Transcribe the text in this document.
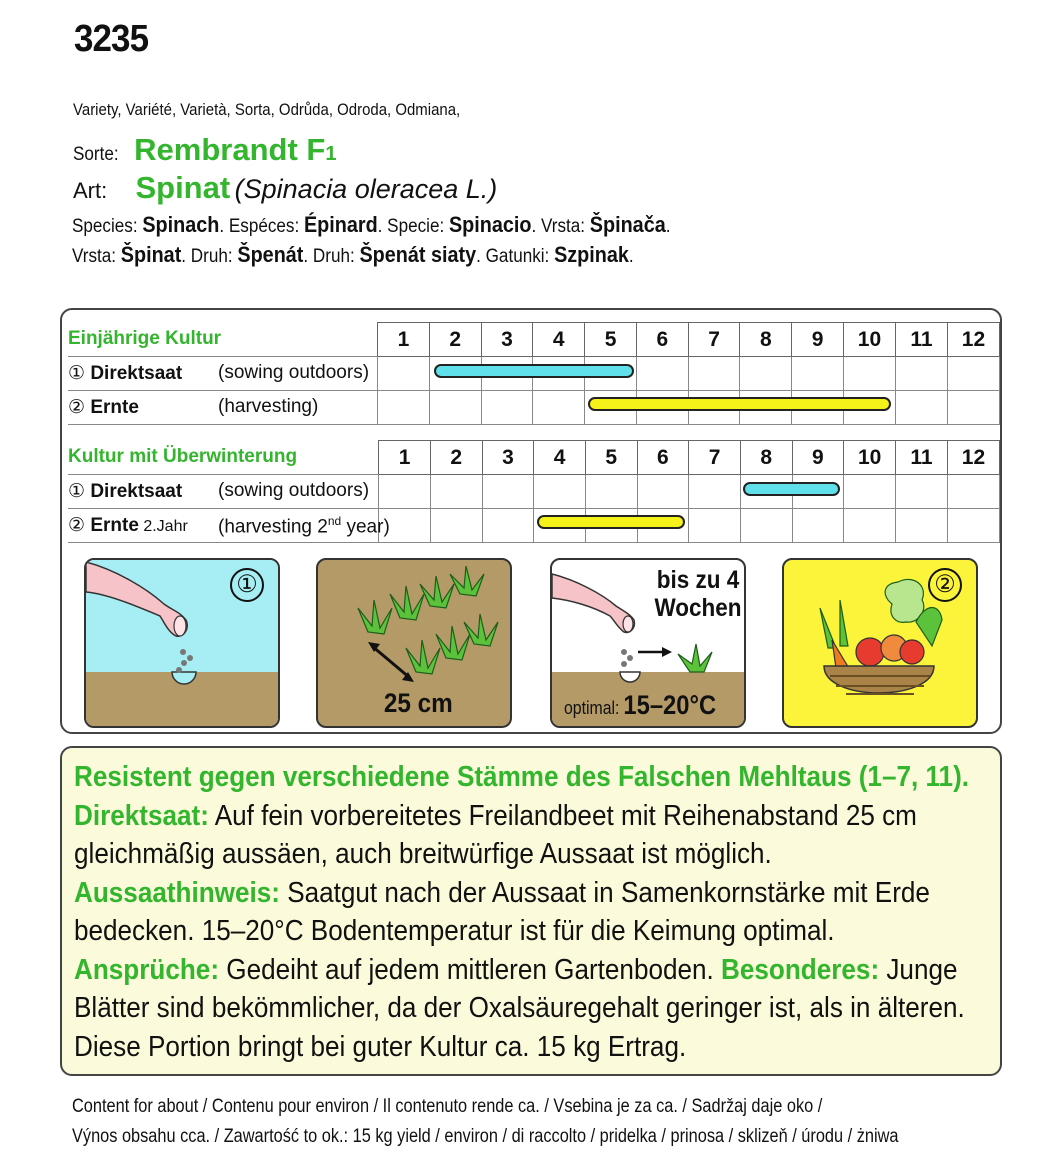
3235
Variety, Variété, Varietà, Sorta, Odrůda, Odroda, Odmiana,
Sorte: Rembrandt F1
Art: Spinat (Spinacia oleracea L.)
Species: Spinach. Espéces: Épinard. Specie: Spinacio. Vrsta: Špinača.
Vrsta: Špinat. Druh: Špenát. Druh: Špenát siaty. Gatunki: Szpinak.
Einjährige Kultur	1	2	3	4	5	6	7	8	9	10	11	12
① Direktsaat (sowing outdoors)												

② Ernte (harvesting)												

Kultur mit Überwinterung	1	2	3	4	5	6	7	8	9	10	11	12
① Direktsaat (sowing outdoors)												

② Ernte 2.Jahr (harvesting 2nd year)												

①
25 cm
bis zu 4
Wochen
optimal: 15–20°C
②
Resistent gegen verschiedene Stämme des Falschen Mehltaus (1–7, 11).
Direktsaat: Auf fein vorbereitetes Freilandbeet mit Reihenabstand 25 cm gleichmäßig aussäen, auch breitwürfige Aussaat ist möglich.
Aussaathinweis: Saatgut nach der Aussaat in Samenkornstärke mit Erde bedecken. 15–20°C Bodentemperatur ist für die Keimung optimal.
Ansprüche: Gedeiht auf jedem mittleren Gartenboden. Besonderes: Junge Blätter sind bekömmlicher, da der Oxalsäuregehalt geringer ist, als in älteren. Diese Portion bringt bei guter Kultur ca. 15 kg Ertrag.
Content for about / Contenu pour environ / Il contenuto rende ca. / Vsebina je za ca. / Sadržaj daje oko /
Výnos obsahu cca. / Zawartość to ok.: 15 kg yield / environ / di raccolto / pridelka / prinosa / sklizeň / úrodu / żniwa
